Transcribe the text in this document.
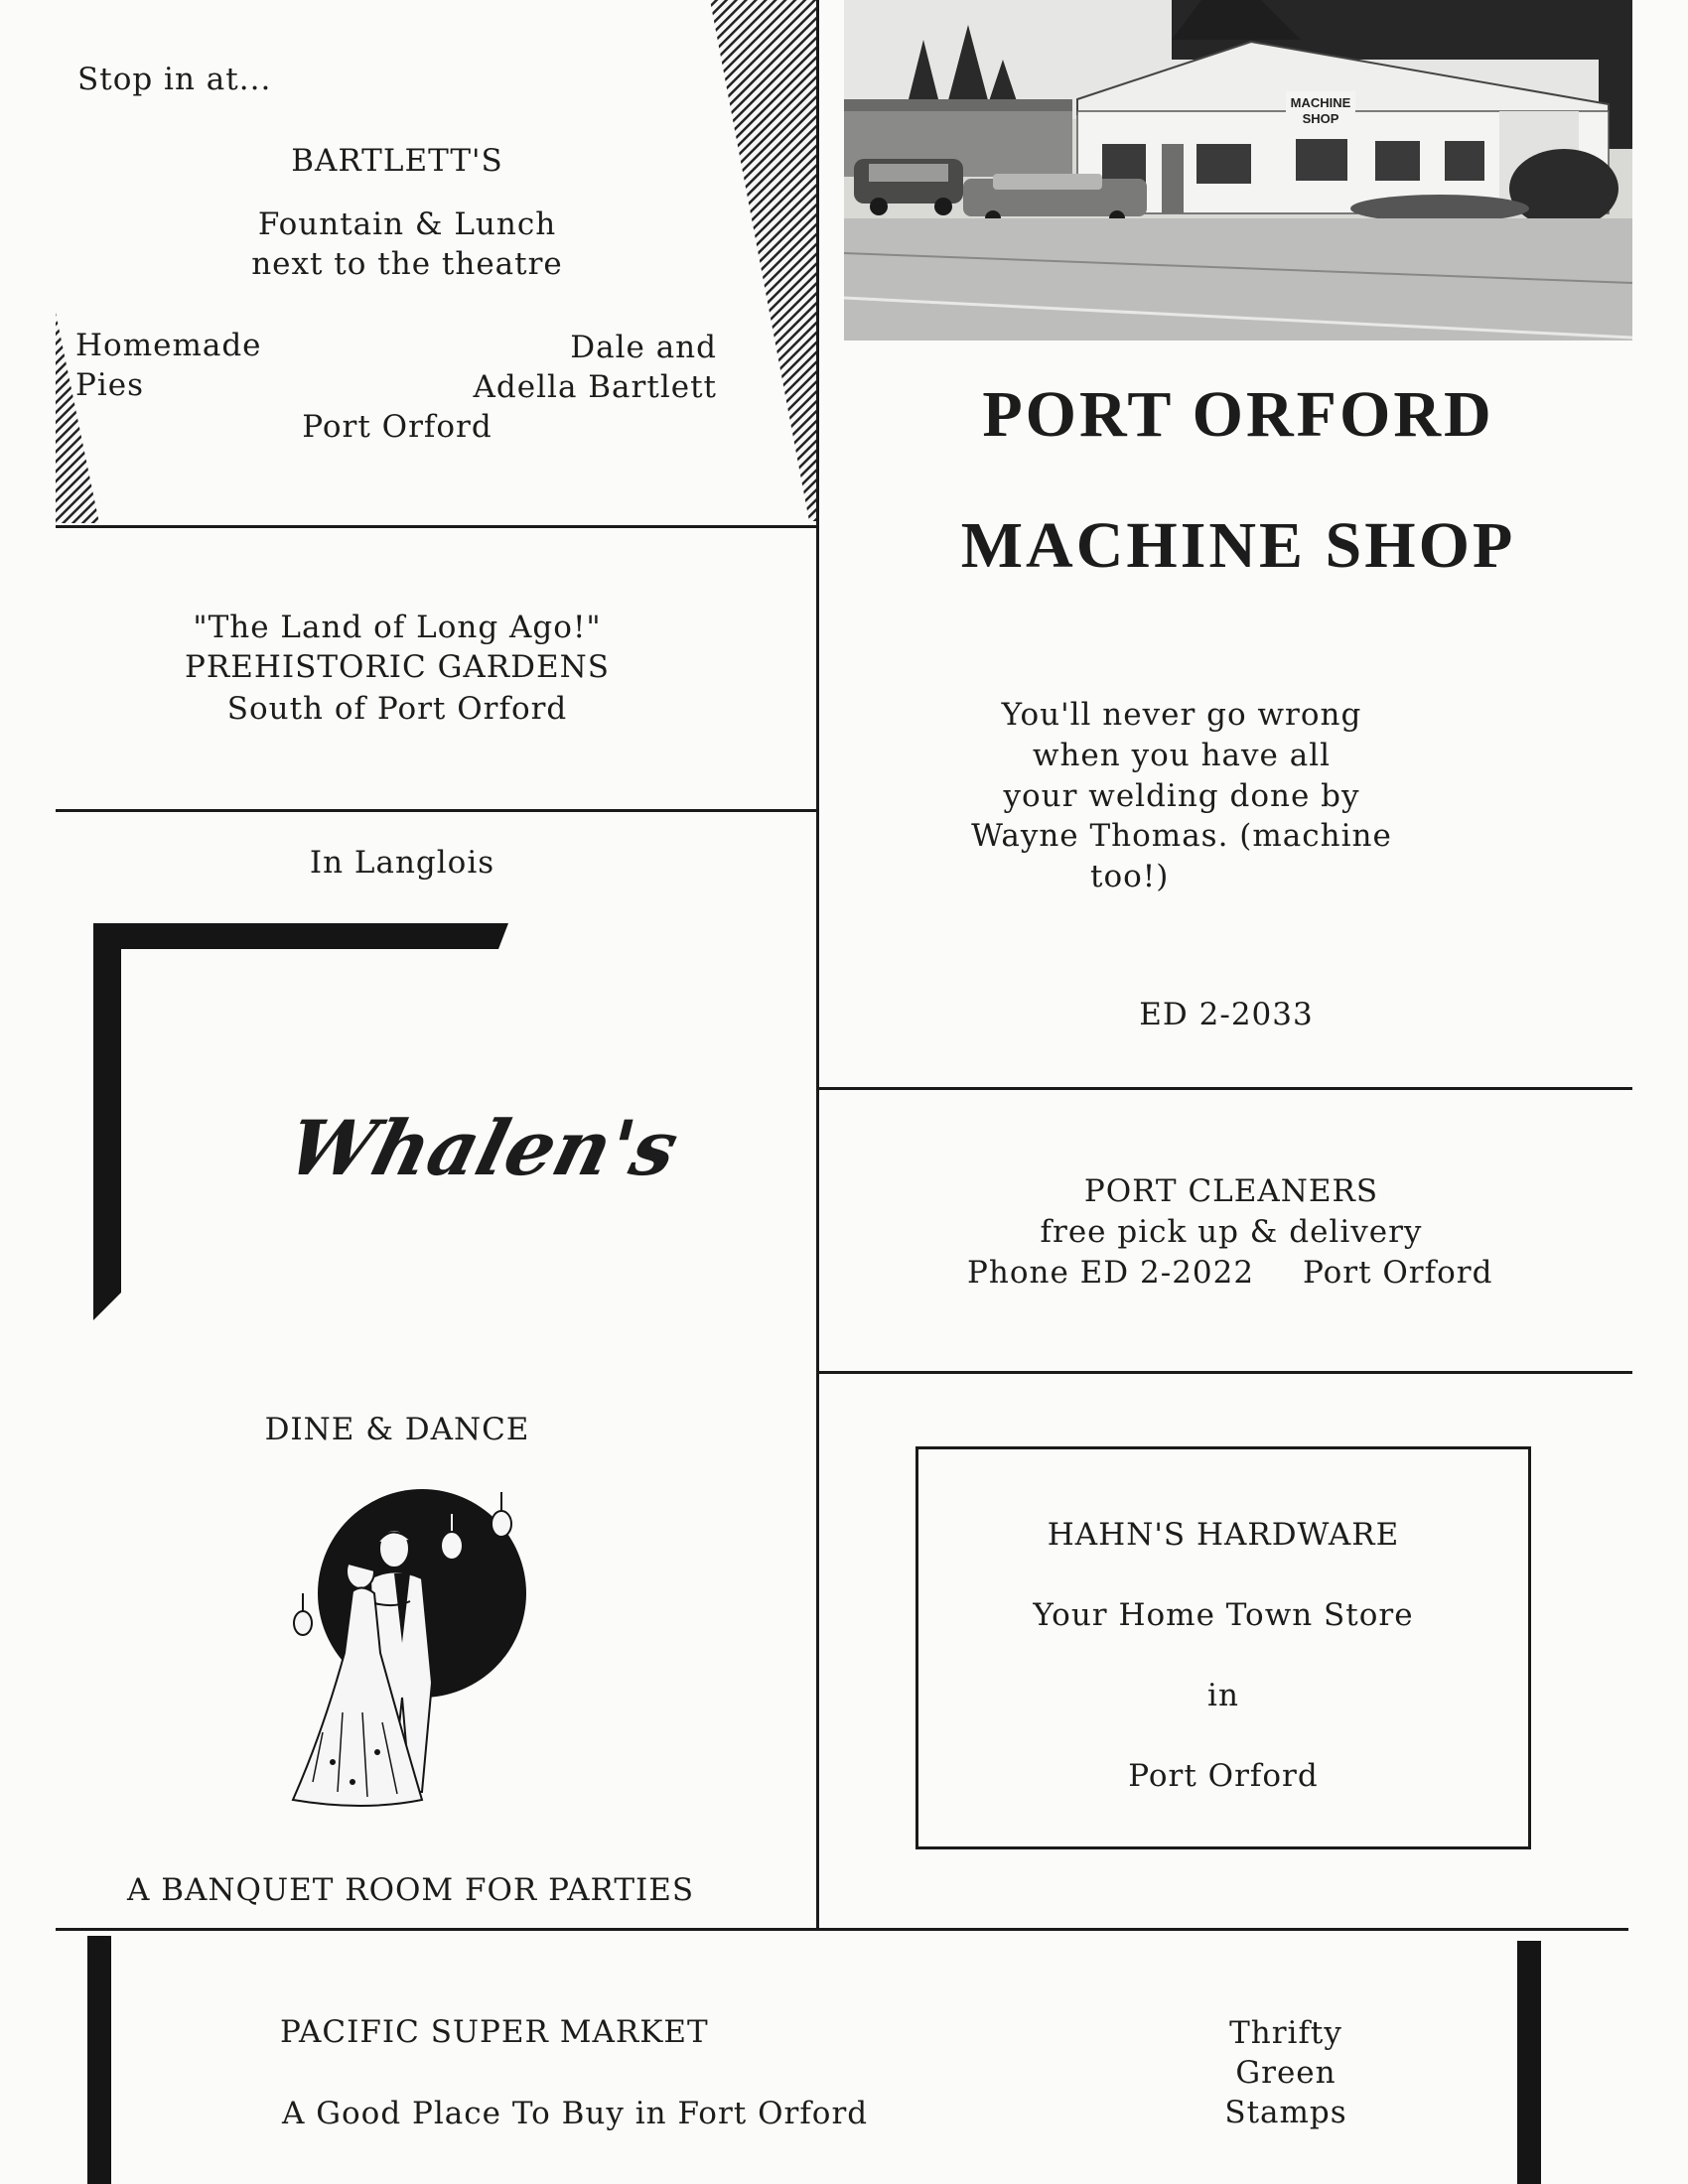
Stop in at...
BARTLETT'S
Fountain & Lunch
next to the theatre
Homemade
Pies
Dale and
Adella Bartlett
Port Orford
"The Land of Long Ago!"
PREHISTORIC GARDENS
South of Port Orford
In Langlois
Whalen's
DINE & DANCE
A BANQUET ROOM FOR PARTIES
MACHINE
SHOP
PORT ORFORD
MACHINE SHOP
You'll never go wrong
when you have all
your welding done by
Wayne Thomas. (machine
too!)
ED 2-2033
PORT CLEANERS
free pick up & delivery
Phone ED 2-2022 Port Orford
HAHN'S HARDWARE
Your Home Town Store
in
Port Orford
PACIFIC SUPER MARKET
A Good Place To Buy in Fort Orford
Thrifty
Green
Stamps
